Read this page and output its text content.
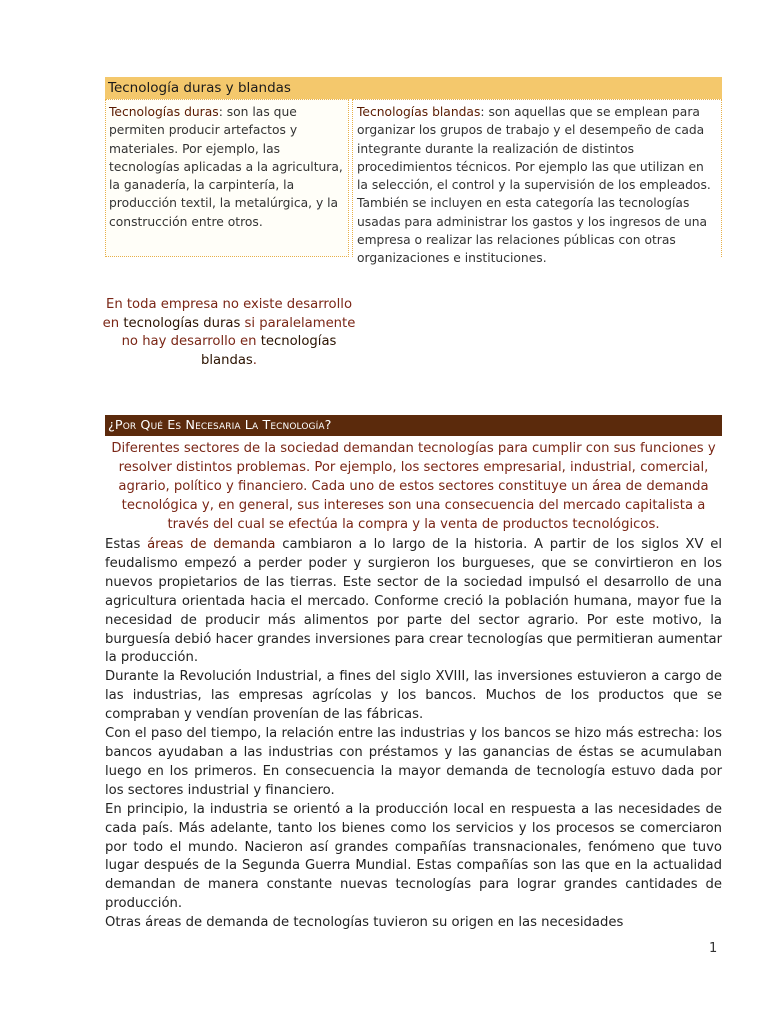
Tecnología duras y blandas
Tecnologías duras: son las que permiten producir artefactos y materiales. Por ejemplo, las tecnologías aplicadas a la agricultura, la ganadería, la carpintería, la producción textil, la metalúrgica, y la construcción entre otros.
Tecnologías blandas: son aquellas que se emplean para organizar los grupos de trabajo y el desempeño de cada integrante durante la realización de distintos procedimientos técnicos. Por ejemplo las que utilizan en la selección, el control y la supervisión de los empleados. También se incluyen en esta categoría las tecnologías usadas para administrar los gastos y los ingresos de una empresa o realizar las relaciones públicas con otras organizaciones e instituciones.
En toda empresa no existe desarrollo en tecnologías duras si paralelamente no hay desarrollo en tecnologías blandas.
¿Por Qué Es Necesaria La Tecnología?
Diferentes sectores de la sociedad demandan tecnologías para cumplir con sus funciones y resolver distintos problemas. Por ejemplo, los sectores empresarial, industrial, comercial, agrario, político y financiero. Cada uno de estos sectores constituye un área de demanda tecnológica y, en general, sus intereses son una consecuencia del mercado capitalista a través del cual se efectúa la compra y la venta de productos tecnológicos.

Estas áreas de demanda cambiaron a lo largo de la historia. A partir de los siglos XV el feudalismo empezó a perder poder y surgieron los burgueses, que se convirtieron en los nuevos propietarios de las tierras. Este sector de la sociedad impulsó el desarrollo de una agricultura orientada hacia el mercado. Conforme creció la población humana, mayor fue la necesidad de producir más alimentos por parte del sector agrario. Por este motivo, la burguesía debió hacer grandes inversiones para crear tecnologías que permitieran aumentar la producción.

Durante la Revolución Industrial, a fines del siglo XVIII, las inversiones estuvieron a cargo de las industrias, las empresas agrícolas y los bancos. Muchos de los productos que se compraban y vendían provenían de las fábricas.

Con el paso del tiempo, la relación entre las industrias y los bancos se hizo más estrecha: los bancos ayudaban a las industrias con préstamos y las ganancias de éstas se acumulaban luego en los primeros. En consecuencia la mayor demanda de tecnología estuvo dada por los sectores industrial y financiero.

En principio, la industria se orientó a la producción local en respuesta a las necesidades de cada país. Más adelante, tanto los bienes como los servicios y los procesos se comerciaron por todo el mundo. Nacieron así grandes compañías transnacionales, fenómeno que tuvo lugar después de la Segunda Guerra Mundial. Estas compañías son las que en la actualidad demandan de manera constante nuevas tecnologías para lograr grandes cantidades de producción.

Otras áreas de demanda de tecnologías tuvieron su origen en las necesidades

1
